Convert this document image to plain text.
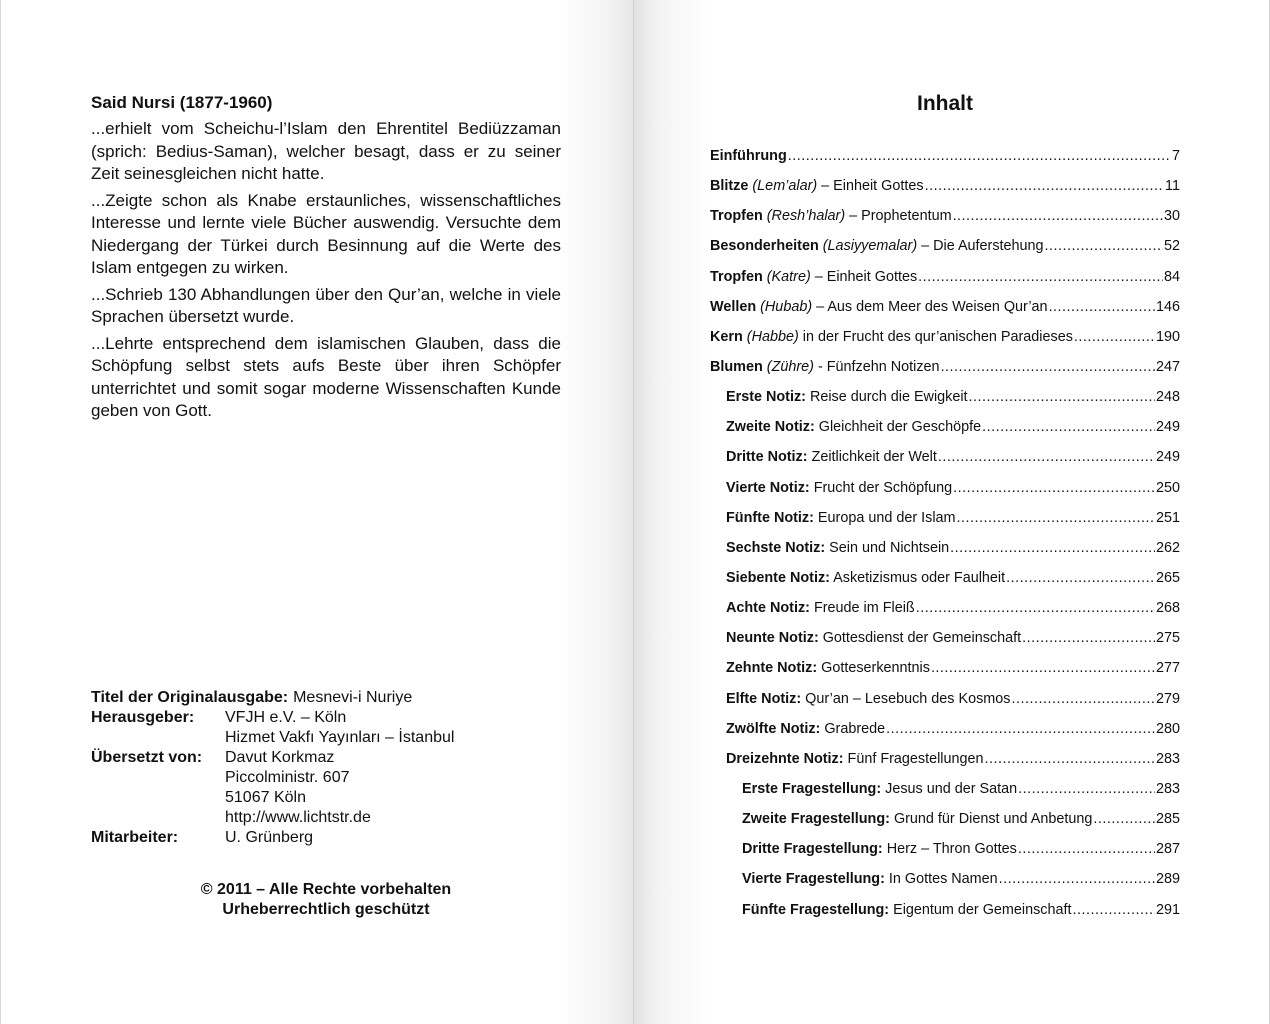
Said Nursi (1877-1960)

...erhielt vom Scheichu-l’Islam den Ehrentitel Bediüzzaman (sprich: Bedius-Saman), welcher besagt, dass er zu seiner Zeit seinesgleichen nicht hatte.

...Zeigte schon als Knabe erstaunliches, wissenschaftliches Interesse und lernte viele Bücher auswendig. Versuchte dem Niedergang der Türkei durch Besinnung auf die Werte des Islam entgegen zu wirken.

...Schrieb 130 Abhandlungen über den Qur’an, welche in viele Sprachen übersetzt wurde.

...Lehrte entsprechend dem islamischen Glauben, dass die Schöpfung selbst stets aufs Beste über ihren Schöpfer unterrichtet und somit sogar moderne Wissenschaften Kunde geben von Gott.

Titel der Originalausgabe: Mesnevi-i Nuriye
Herausgeber:	VFJH e.V. – Köln
Hizmet Vakfı Yayınları – İstanbul
Übersetzt von:	Davut Korkmaz
Piccolministr. 607
51067 Köln
http://www.lichtstr.de
Mitarbeiter:	U. Grünberg
© 2011 – Alle Rechte vorbehalten
Urheberrechtlich geschützt
Inhalt
Einführung .....	7
Blitze (Lem’alar) – Einheit Gottes .....	11
Tropfen (Resh’halar) – Prophetentum .....	30
Besonderheiten (Lasiyyemalar) – Die Auferstehung .....	52
Tropfen (Katre) – Einheit Gottes .....	84
Wellen (Hubab) – Aus dem Meer des Weisen Qur’an .....	146
Kern (Habbe) in der Frucht des qur’anischen Paradieses .....	190
Blumen (Zühre) - Fünfzehn Notizen .....	247
Erste Notiz: Reise durch die Ewigkeit .....	248
Zweite Notiz: Gleichheit der Geschöpfe .....	249
Dritte Notiz: Zeitlichkeit der Welt .....	249
Vierte Notiz: Frucht der Schöpfung .....	250
Fünfte Notiz: Europa und der Islam .....	251
Sechste Notiz: Sein und Nichtsein .....	262
Siebente Notiz: Asketizismus oder Faulheit .....	265
Achte Notiz: Freude im Fleiß .....	268
Neunte Notiz: Gottesdienst der Gemeinschaft .....	275
Zehnte Notiz: Gotteserkenntnis .....	277
Elfte Notiz: Qur’an – Lesebuch des Kosmos .....	279
Zwölfte Notiz: Grabrede .....	280
Dreizehnte Notiz: Fünf Fragestellungen .....	283
Erste Fragestellung: Jesus und der Satan .....	283
Zweite Fragestellung: Grund für Dienst und Anbetung .....	285
Dritte Fragestellung: Herz – Thron Gottes .....	287
Vierte Fragestellung: In Gottes Namen .....	289
Fünfte Fragestellung: Eigentum der Gemeinschaft .....	291
